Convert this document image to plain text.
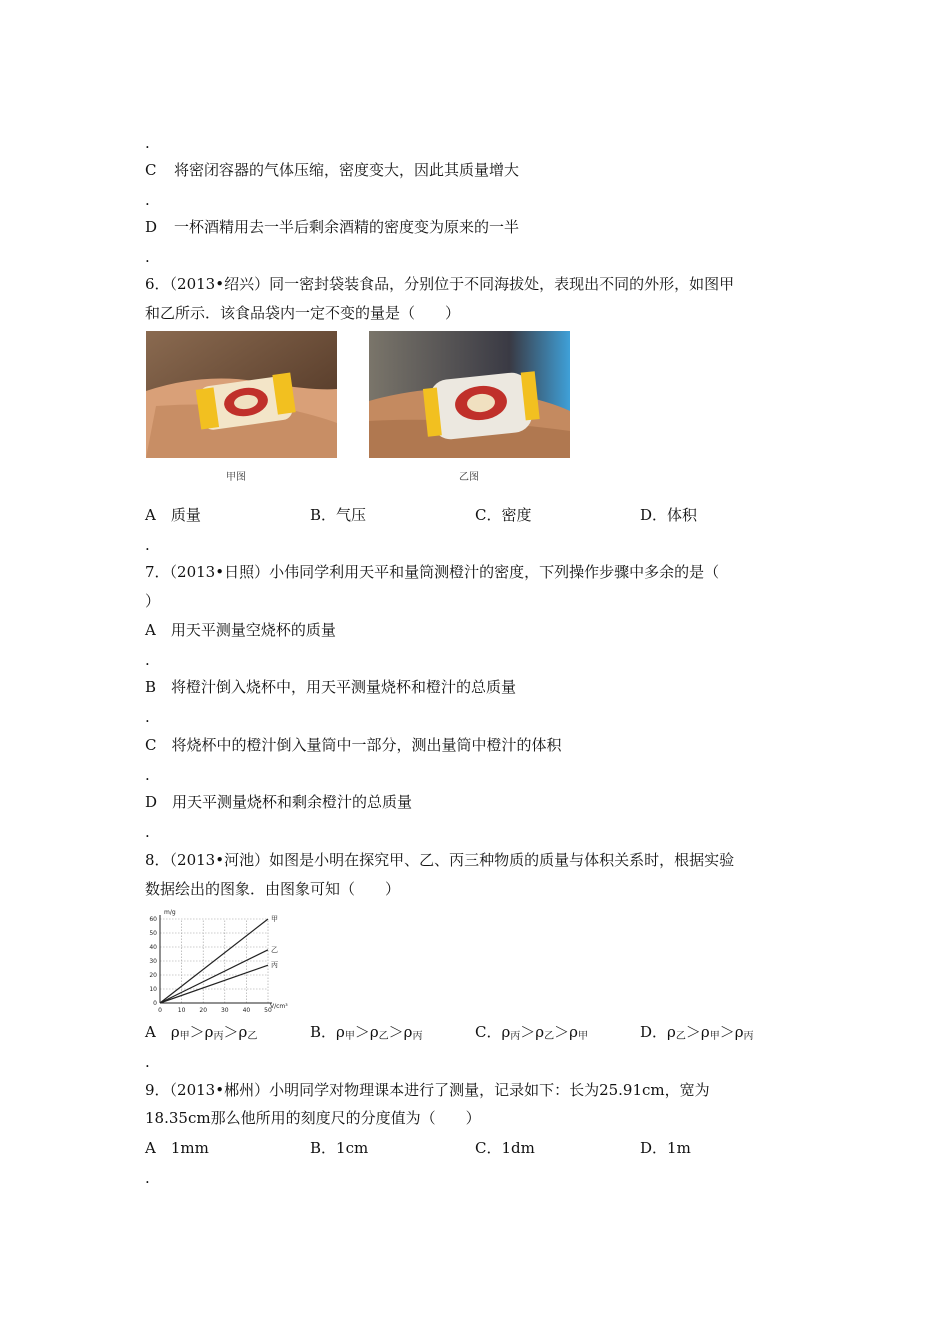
.
C 将密闭容器的气体压缩，密度变大，因此其质量增大
.
D 一杯酒精用去一半后剩余酒精的密度变为原来的一半
.
6．（2013•绍兴）同一密封袋装食品，分别位于不同海拔处，表现出不同的外形，如图甲
和乙所示．该食品袋内一定不变的量是（　　）
甲图	乙图
A　质量	B．气压	C．密度	D．体积
.
7．（2013•日照）小伟同学利用天平和量筒测橙汁的密度，下列操作步骤中多余的是（
）
A　用天平测量空烧杯的质量
.
B　将橙汁倒入烧杯中，用天平测量烧杯和橙汁的总质量
.
C　将烧杯中的橙汁倒入量筒中一部分，测出量筒中橙汁的体积
.
D　用天平测量烧杯和剩余橙汁的总质量
.
8．（2013•河池）如图是小明在探究甲、乙、丙三种物质的质量与体积关系时，根据实验
数据绘出的图象．由图象可知（　　）
0	10 20 30 40 50
0
10
20
30
40
50
60	甲
乙
丙
m/g
V/cm³
A　$\rho_甲>\rho_丙>\rho_乙$	B．$\rho_甲>\rho_乙>\rho_丙$	C．$\rho_丙>\rho_乙>\rho_甲$	D．$\rho_乙>\rho_甲>\rho_丙$
.
9．（2013•郴州）小明同学对物理课本进行了测量，记录如下：长为25.91cm，宽为
18.35cm那么他所用的刻度尺的分度值为（　　）
A　1mm	B．1cm	C．1dm	D．1m
.
